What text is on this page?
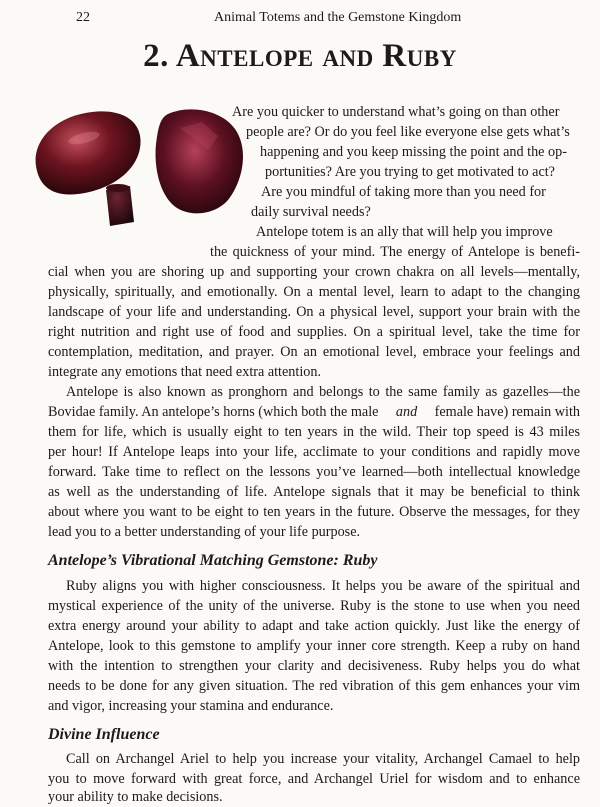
22	Animal Totems and the Gemstone Kingdom
2. Antelope and Ruby
Are you quicker to understand what’s going on than other
people are? Or do you feel like everyone else gets what’s
happening and you keep missing the point and the op-
portunities? Are you trying to get motivated to act?
Are you mindful of taking more than you need for
daily survival needs?
Antelope totem is an ally that will help you improve
the quickness of your mind. The energy of Antelope is benefi-
cial when you are shoring up and supporting your crown chakra on all levels—mentally,
physically, spiritually, and emotionally. On a mental level, learn to adapt to the changing
landscape of your life and understanding. On a physical level, support your brain with the
right nutrition and right use of food and supplies. On a spiritual level, take the time for
contemplation, meditation, and prayer. On an emotional level, embrace your feelings and
integrate any emotions that need extra attention.
Antelope is also known as pronghorn and belongs to the same family as gazelles—the
Bovidae family. An antelope’s horns (which both the male and female have) remain with
them for life, which is usually eight to ten years in the wild. Their top speed is 43 miles
per hour! If Antelope leaps into your life, acclimate to your conditions and rapidly move
forward. Take time to reflect on the lessons you’ve learned—both intellectual knowledge
as well as the understanding of life. Antelope signals that it may be beneficial to think
about where you want to be eight to ten years in the future. Observe the messages, for they
lead you to a better understanding of your life purpose.
Antelope’s Vibrational Matching Gemstone: Ruby
Ruby aligns you with higher consciousness. It helps you be aware of the spiritual and
mystical experience of the unity of the universe. Ruby is the stone to use when you need
extra energy around your ability to adapt and take action quickly. Just like the energy of
Antelope, look to this gemstone to amplify your inner core strength. Keep a ruby on hand
with the intention to strengthen your clarity and decisiveness. Ruby helps you do what
needs to be done for any given situation. The red vibration of this gem enhances your vim
and vigor, increasing your stamina and endurance.
Divine Influence
Call on Archangel Ariel to help you increase your vitality, Archangel Camael to help
you to move forward with great force, and Archangel Uriel for wisdom and to enhance
your ability to make decisions.
